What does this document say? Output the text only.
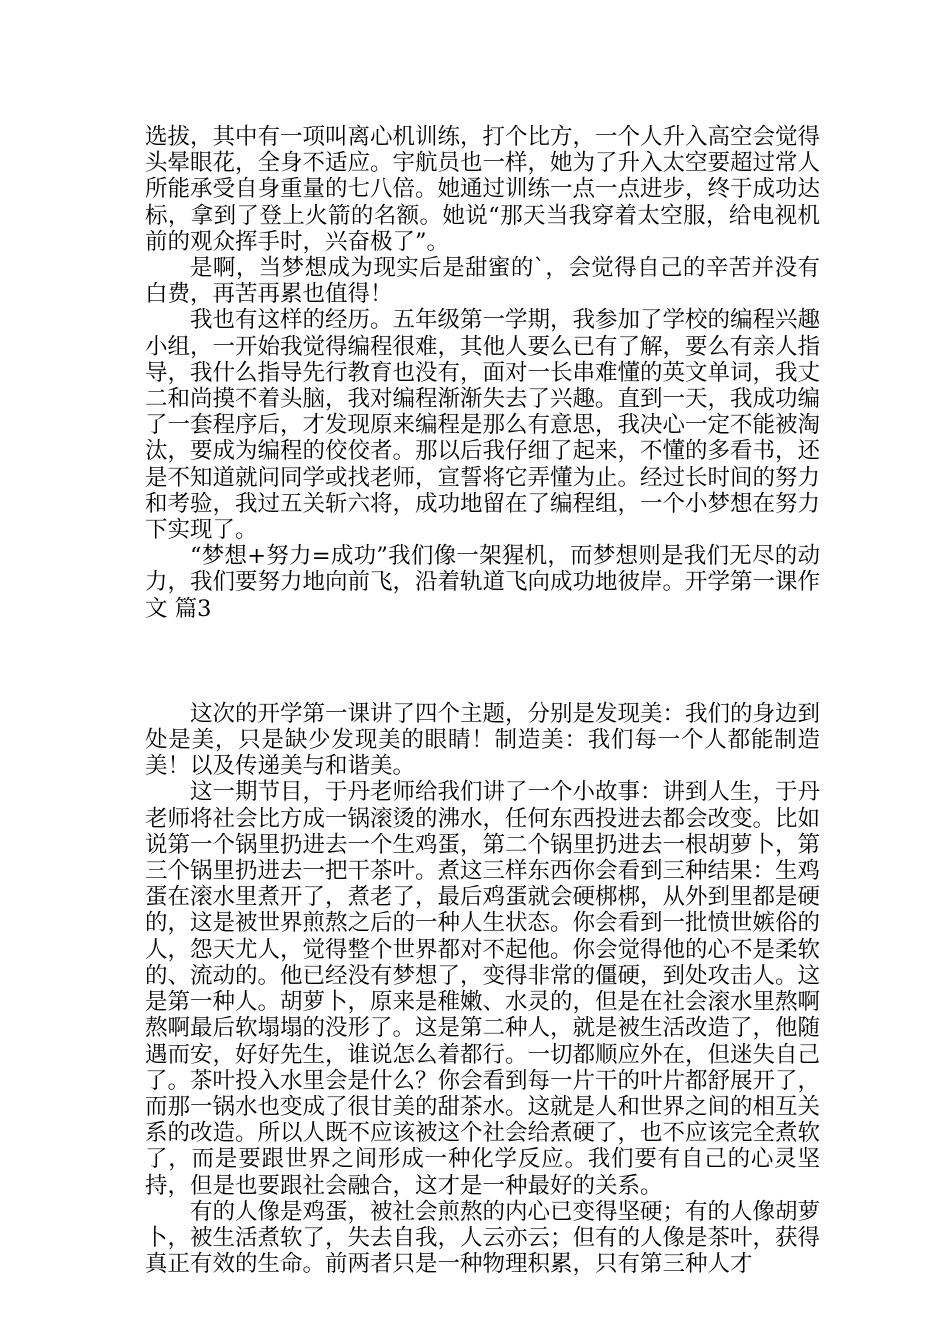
选拔，其中有一项叫离心机训练，打个比方，一个人升入高空会觉得头晕眼花，全身不适应。宇航员也一样，她为了升入太空要超过常人所能承受自身重量的七八倍。她通过训练一点一点进步，终于成功达标，拿到了登上火箭的名额。她说“那天当我穿着太空服，给电视机前的观众挥手时，兴奋极了”。

是啊，当梦想成为现实后是甜蜜的`，会觉得自己的辛苦并没有白费，再苦再累也值得！

我也有这样的经历。五年级第一学期，我参加了学校的编程兴趣小组，一开始我觉得编程很难，其他人要么已有了解，要么有亲人指导，我什么指导先行教育也没有，面对一长串难懂的英文单词，我丈二和尚摸不着头脑，我对编程渐渐失去了兴趣。直到一天，我成功编了一套程序后，才发现原来编程是那么有意思，我决心一定不能被淘汰，要成为编程的佼佼者。那以后我仔细了起来，不懂的多看书，还是不知道就问同学或找老师，宣誓将它弄懂为止。经过长时间的努力和考验，我过五关斩六将，成功地留在了编程组，一个小梦想在努力下实现了。

“梦想+努力=成功”我们像一架猩机，而梦想则是我们无尽的动力，我们要努力地向前飞，沿着轨道飞向成功地彼岸。开学第一课作文 篇3

这次的开学第一课讲了四个主题，分别是发现美：我们的身边到处是美，只是缺少发现美的眼睛！制造美：我们每一个人都能制造美！以及传递美与和谐美。

这一期节目，于丹老师给我们讲了一个小故事：讲到人生，于丹老师将社会比方成一锅滚烫的沸水，任何东西投进去都会改变。比如说第一个锅里扔进去一个生鸡蛋，第二个锅里扔进去一根胡萝卜，第三个锅里扔进去一把干茶叶。煮这三样东西你会看到三种结果：生鸡蛋在滚水里煮开了，煮老了，最后鸡蛋就会硬梆梆，从外到里都是硬的，这是被世界煎熬之后的一种人生状态。你会看到一批愤世嫉俗的人，怨天尤人，觉得整个世界都对不起他。你会觉得他的心不是柔软的、流动的。他已经没有梦想了，变得非常的僵硬，到处攻击人。这是第一种人。胡萝卜，原来是稚嫩、水灵的，但是在社会滚水里熬啊熬啊最后软塌塌的没形了。这是第二种人，就是被生活改造了，他随遇而安，好好先生，谁说怎么着都行。一切都顺应外在，但迷失自己了。茶叶投入水里会是什么？你会看到每一片干的叶片都舒展开了，而那一锅水也变成了很甘美的甜茶水。这就是人和世界之间的相互关系的改造。所以人既不应该被这个社会给煮硬了，也不应该完全煮软了，而是要跟世界之间形成一种化学反应。我们要有自己的心灵坚持，但是也要跟社会融合，这才是一种最好的关系。

有的人像是鸡蛋，被社会煎熬的内心已变得坚硬；有的人像胡萝卜，被生活煮软了，失去自我，人云亦云；但有的人像是茶叶，获得真正有效的生命。前两者只是一种物理积累，只有第三种人才
